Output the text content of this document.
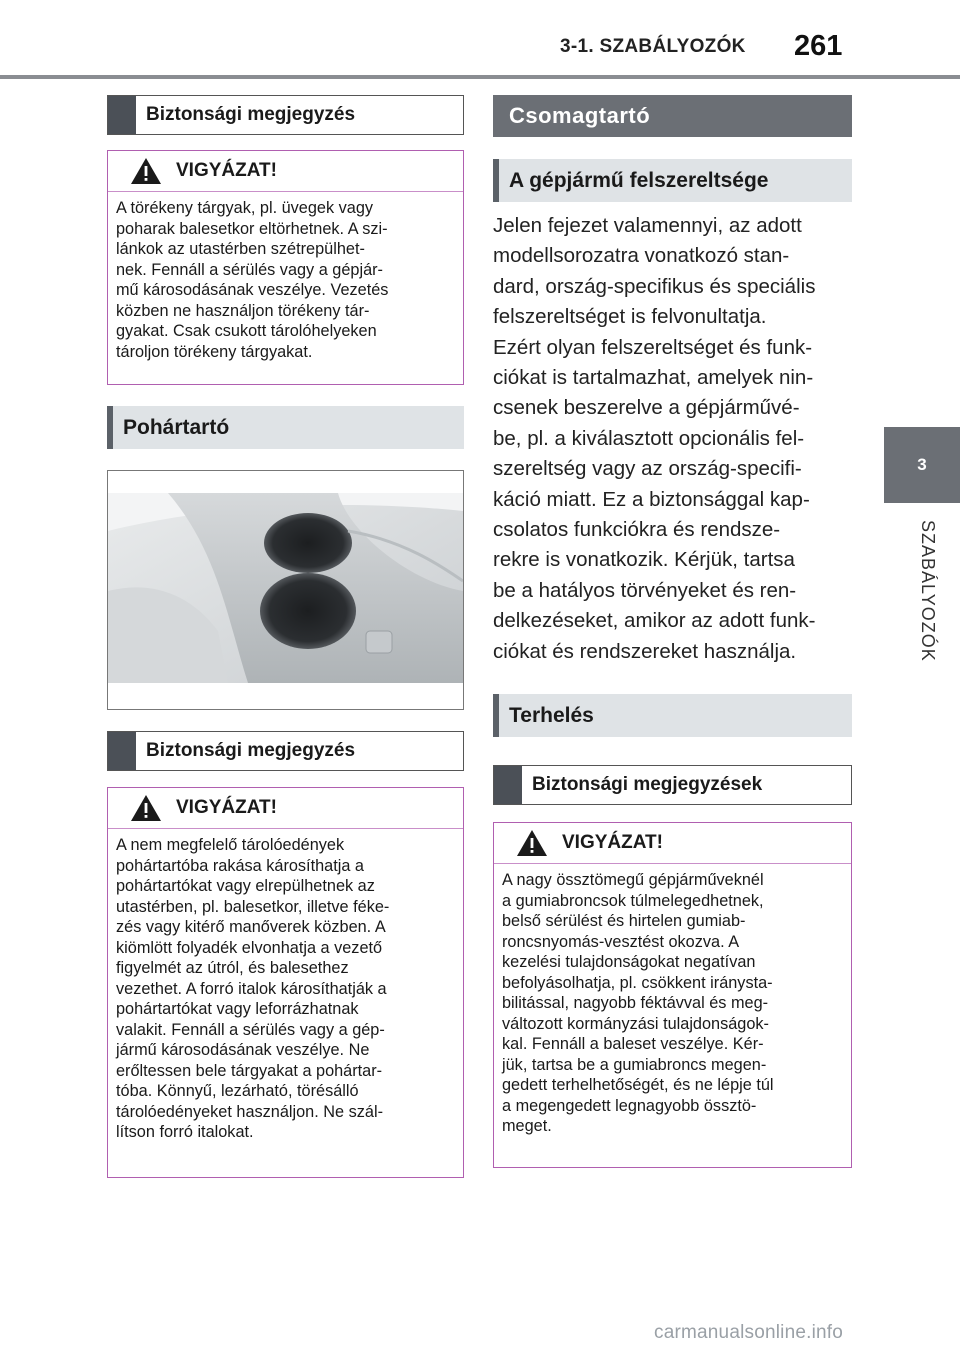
3-1. SZABÁLYOZÓK 261
3
SZABÁLYOZÓK
Biztonsági megjegyzés
VIGYÁZAT!
A törékeny tárgyak, pl. üvegek vagy
poharak balesetkor eltörhetnek. A szi-
lánkok az utastérben szétrepülhet-
nek. Fennáll a sérülés vagy a gépjár-
mű károsodásának veszélye. Vezetés
közben ne használjon törékeny tár-
gyakat. Csak csukott tárolóhelyeken
tároljon törékeny tárgyakat.
Pohártartó
Biztonsági megjegyzés
VIGYÁZAT!
A nem megfelelő tárolóedények
pohártartóba rakása károsíthatja a
pohártartókat vagy elrepülhetnek az
utastérben, pl. balesetkor, illetve féke-
zés vagy kitérő manőverek közben. A
kiömlött folyadék elvonhatja a vezető
figyelmét az útról, és balesethez
vezethet. A forró italok károsíthatják a
pohártartókat vagy leforrázhatnak
valakit. Fennáll a sérülés vagy a gép-
jármű károsodásának veszélye. Ne
erőltessen bele tárgyakat a pohártar-
tóba. Könnyű, lezárható, törésálló
tárolóedényeket használjon. Ne szál-
lítson forró italokat.
Csomagtartó
A gépjármű felszereltsége
Jelen fejezet valamennyi, az adott
modellsorozatra vonatkozó stan-
dard, ország-specifikus és speciális
felszereltséget is felvonultatja.
Ezért olyan felszereltséget és funk-
ciókat is tartalmazhat, amelyek nin-
csenek beszerelve a gépjárművé-
be, pl. a kiválasztott opcionális fel-
szereltség vagy az ország-specifi-
káció miatt. Ez a biztonsággal kap-
csolatos funkciókra és rendsze-
rekre is vonatkozik. Kérjük, tartsa
be a hatályos törvényeket és ren-
delkezéseket, amikor az adott funk-
ciókat és rendszereket használja.
Terhelés
Biztonsági megjegyzések
VIGYÁZAT!
A nagy össztömegű gépjárműveknél
a gumiabroncsok túlmelegedhetnek,
belső sérülést és hirtelen gumiab-
roncsnyomás-vesztést okozva. A
kezelési tulajdonságokat negatívan
befolyásolhatja, pl. csökkent iránysta-
bilitással, nagyobb féktávval és meg-
változott kormányzási tulajdonságok-
kal. Fennáll a baleset veszélye. Kér-
jük, tartsa be a gumiabroncs megen-
gedett terhelhetőségét, és ne lépje túl
a megengedett legnagyobb össztö-
meget.
carmanualsonline.info
